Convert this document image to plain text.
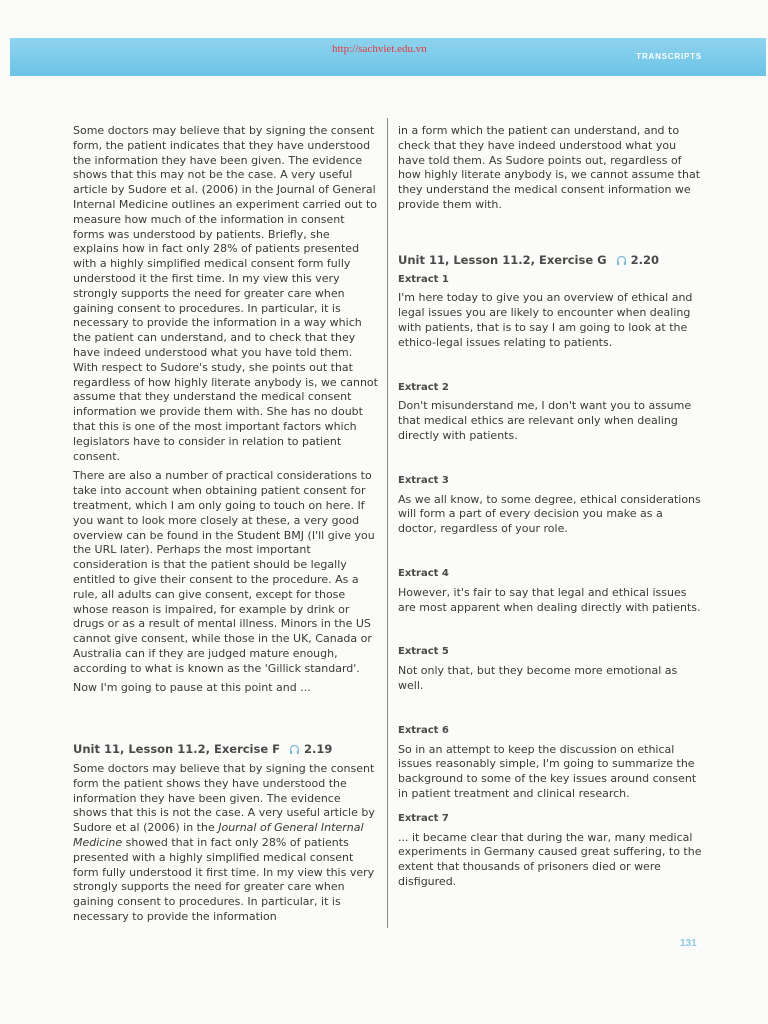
http://sachviet.edu.vn
TRANSCRIPTS

Some doctors may believe that by signing the consent form, the patient indicates that they have understood the information they have been given. The evidence shows that this may not be the case. A very useful article by Sudore et al. (2006) in the Journal of General Internal Medicine outlines an experiment carried out to measure how much of the information in consent forms was understood by patients. Briefly, she explains how in fact only 28% of patients presented with a highly simplified medical consent form fully understood it the first time. In my view this very strongly supports the need for greater care when gaining consent to procedures. In particular, it is necessary to provide the information in a way which the patient can understand, and to check that they have indeed understood what you have told them. With respect to Sudore's study, she points out that regardless of how highly literate anybody is, we cannot assume that they understand the medical consent information we provide them with. She has no doubt that this is one of the most important factors which legislators have to consider in relation to patient consent.

There are also a number of practical considerations to take into account when obtaining patient consent for treatment, which I am only going to touch on here. If you want to look more closely at these, a very good overview can be found in the Student BMJ (I'll give you the URL later). Perhaps the most important consideration is that the patient should be legally entitled to give their consent to the procedure. As a rule, all adults can give consent, except for those whose reason is impaired, for example by drink or drugs or as a result of mental illness. Minors in the US cannot give consent, while those in the UK, Canada or Australia can if they are judged mature enough, according to what is known as the 'Gillick standard'.

Now I'm going to pause at this point and ...

Unit 11, Lesson 11.2, Exercise F 2.19

Some doctors may believe that by signing the consent form the patient shows they have understood the information they have been given. The evidence shows that this is not the case. A very useful article by Sudore et al (2006) in the Journal of General Internal Medicine showed that in fact only 28% of patients presented with a highly simplified medical consent form fully understood it first time. In my view this very strongly supports the need for greater care when gaining consent to procedures. In particular, it is necessary to provide the information

in a form which the patient can understand, and to check that they have indeed understood what you have told them. As Sudore points out, regardless of how highly literate anybody is, we cannot assume that they understand the medical consent information we provide them with.

Unit 11, Lesson 11.2, Exercise G 2.20
Extract 1

I'm here today to give you an overview of ethical and legal issues you are likely to encounter when dealing with patients, that is to say I am going to look at the ethico-legal issues relating to patients.

Extract 2

Don't misunderstand me, I don't want you to assume that medical ethics are relevant only when dealing directly with patients.

Extract 3

As we all know, to some degree, ethical considerations will form a part of every decision you make as a doctor, regardless of your role.

Extract 4

However, it's fair to say that legal and ethical issues are most apparent when dealing directly with patients.

Extract 5

Not only that, but they become more emotional as well.

Extract 6

So in an attempt to keep the discussion on ethical issues reasonably simple, I'm going to summarize the background to some of the key issues around consent in patient treatment and clinical research.

Extract 7

... it became clear that during the war, many medical experiments in Germany caused great suffering, to the extent that thousands of prisoners died or were disfigured.

131
